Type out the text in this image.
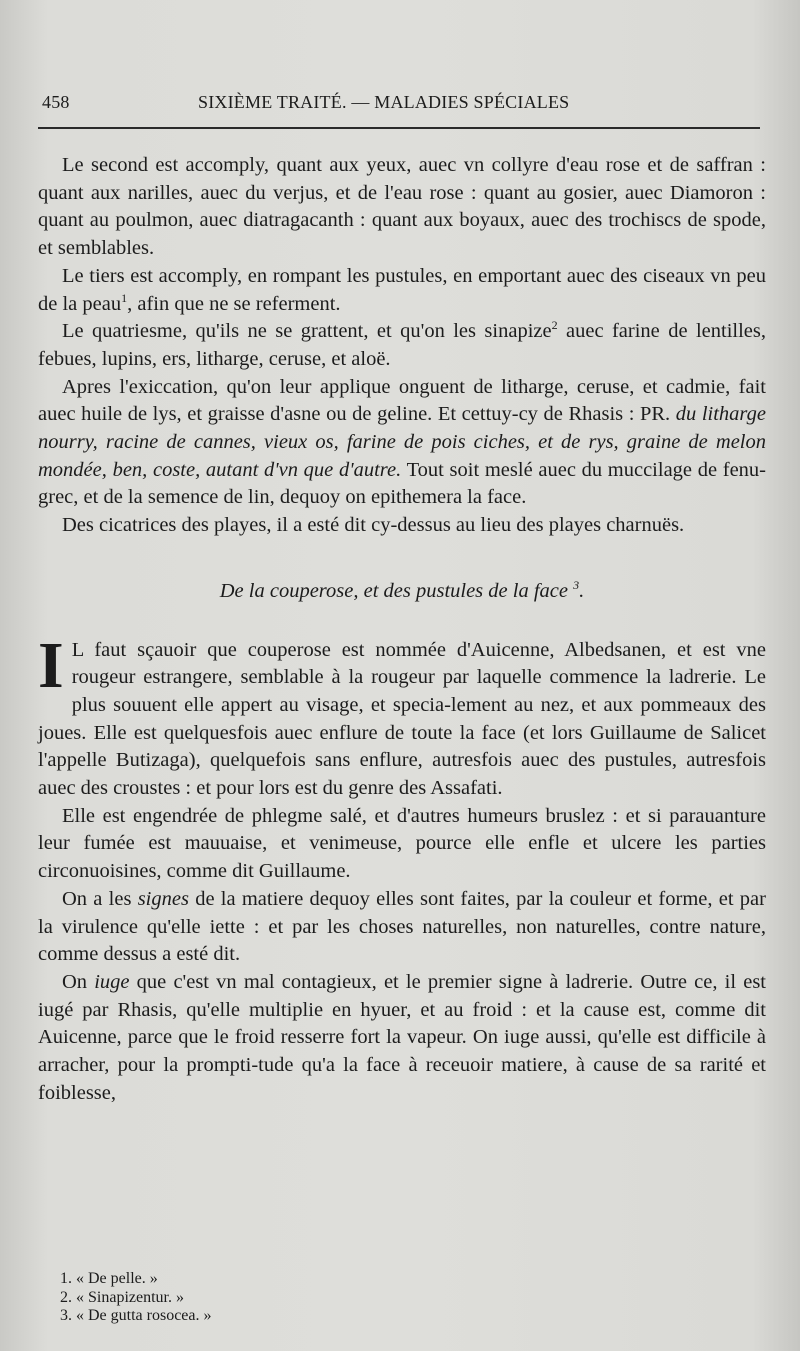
458	SIXIÈME TRAITÉ. — MALADIES SPÉCIALES

Le second est accomply, quant aux yeux, auec vn collyre d'eau rose et de saffran : quant aux narilles, auec du verjus, et de l'eau rose : quant au gosier, auec Diamoron : quant au poulmon, auec diatragacanth : quant aux boyaux, auec des trochiscs de spode, et semblables.

Le tiers est accomply, en rompant les pustules, en emportant auec des ciseaux vn peu de la peau$^1$, afin que ne se referment.

Le quatriesme, qu'ils ne se grattent, et qu'on les sinapize$^2$ auec farine de lentilles, febues, lupins, ers, litharge, ceruse, et aloë.

Apres l'exiccation, qu'on leur applique onguent de litharge, ceruse, et cadmie, fait auec huile de lys, et graisse d'asne ou de geline. Et cettuy-cy de Rhasis : PR. du litharge nourry, racine de cannes, vieux os, farine de pois ciches, et de rys, graine de melon mondée, ben, coste, autant d'vn que d'autre. Tout soit meslé auec du muccilage de fenu-grec, et de la semence de lin, dequoy on epithemera la face.

Des cicatrices des playes, il a esté dit cy-dessus au lieu des playes charnuës.

De la couperose, et des pustules de la face $^3$.

I L faut sçauoir que couperose est nommée d'Auicenne, Albedsanen, et est vne rougeur estrangere, semblable à la rougeur par laquelle commence la ladrerie. Le plus souuent elle appert au visage, et specia-lement au nez, et aux pommeaux des joues. Elle est quelquesfois auec enflure de toute la face (et lors Guillaume de Salicet l'appelle Butizaga), quelquefois sans enflure, autresfois auec des pustules, autresfois auec des croustes : et pour lors est du genre des Assafati.

Elle est engendrée de phlegme salé, et d'autres humeurs bruslez : et si parauanture leur fumée est mauuaise, et venimeuse, pource elle enfle et ulcere les parties circonuoisines, comme dit Guillaume.

On a les signes de la matiere dequoy elles sont faites, par la couleur et forme, et par la virulence qu'elle iette : et par les choses naturelles, non naturelles, contre nature, comme dessus a esté dit.

On iuge que c'est vn mal contagieux, et le premier signe à ladrerie. Outre ce, il est iugé par Rhasis, qu'elle multiplie en hyuer, et au froid : et la cause est, comme dit Auicenne, parce que le froid resserre fort la vapeur. On iuge aussi, qu'elle est difficile à arracher, pour la prompti-tude qu'a la face à receuoir matiere, à cause de sa rarité et foiblesse,

1. « De pelle. »
2. « Sinapizentur. »
3. « De gutta rosocea. »
